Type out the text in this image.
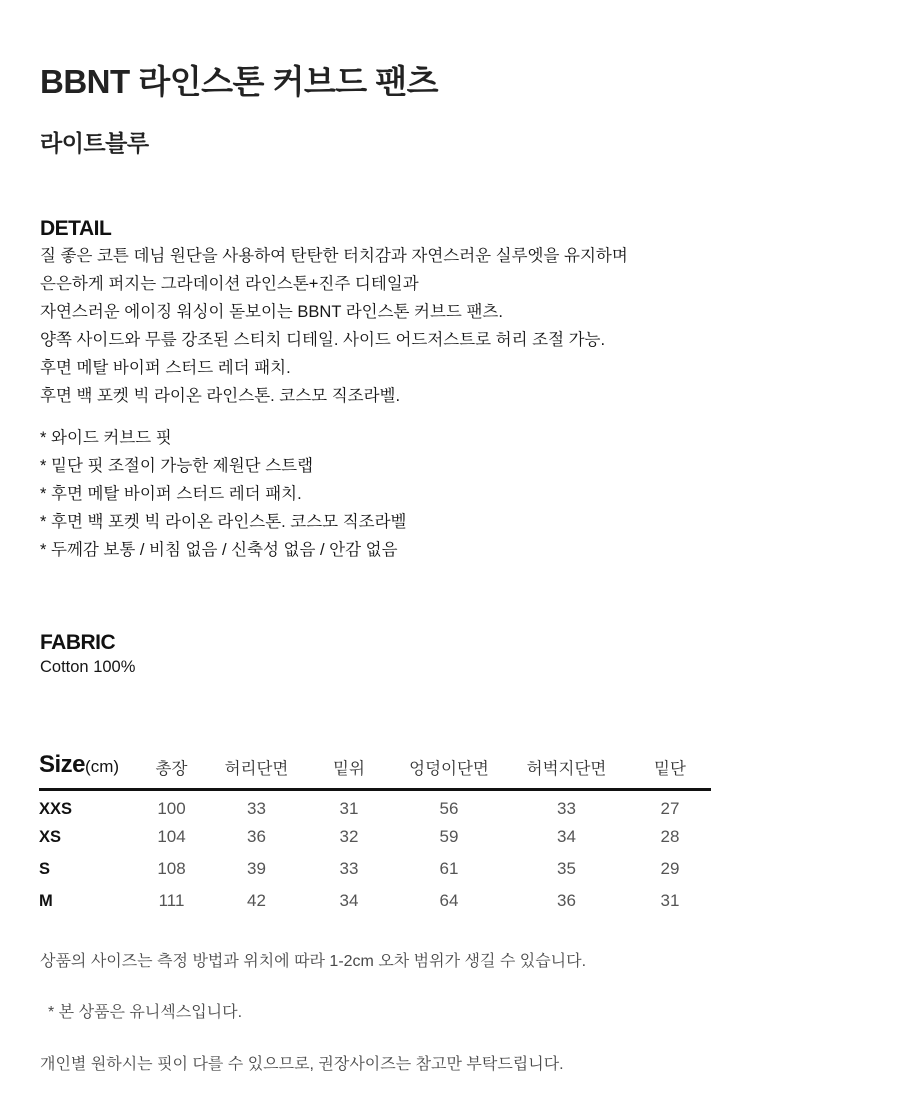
BBNT 라인스톤 커브드 팬츠
라이트블루
DETAIL
질 좋은 코튼 데님 원단을 사용하여 탄탄한 터치감과 자연스러운 실루엣을 유지하며
은은하게 퍼지는 그라데이션 라인스톤+진주 디테일과
자연스러운 에이징 워싱이 돋보이는 BBNT 라인스톤 커브드 팬츠.
양쪽 사이드와 무릎 강조된 스티치 디테일. 사이드 어드저스트로 허리 조절 가능.
후면 메탈 바이퍼 스터드 레더 패치.
후면 백 포켓 빅 라이온 라인스톤. 코스모 직조라벨.
* 와이드 커브드 핏
* 밑단 핏 조절이 가능한 제원단 스트랩
* 후면 메탈 바이퍼 스터드 레더 패치.
* 후면 백 포켓 빅 라이온 라인스톤. 코스모 직조라벨
* 두께감 보통 / 비침 없음 / 신축성 없음 / 안감 없음
FABRIC
Cotton 100%
Size(cm)	총장	허리단면	밑위	엉덩이단면	허벅지단면	밑단
XXS	100	33	31	56	33	27
XS	104	36	32	59	34	28
S	108	39	33	61	35	29
M	111	42	34	64	36	31
상품의 사이즈는 측정 방법과 위치에 따라 1-2cm 오차 범위가 생길 수 있습니다.
* 본 상품은 유니섹스입니다.
개인별 원하시는 핏이 다를 수 있으므로, 권장사이즈는 참고만 부탁드립니다.
